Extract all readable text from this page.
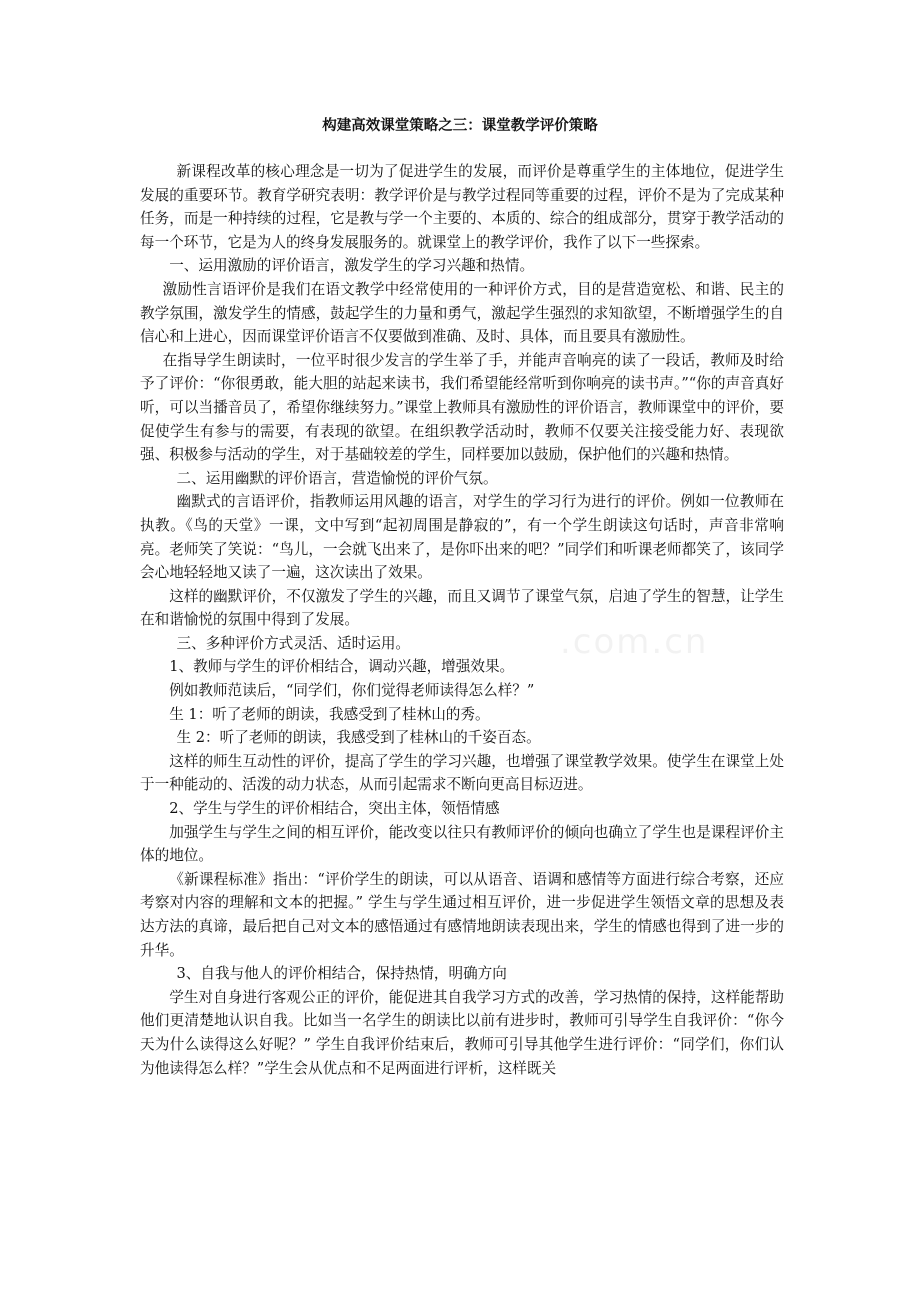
构建高效课堂策略之三：课堂教学评价策略
.com.cn

新课程改革的核心理念是一切为了促进学生的发展，而评价是尊重学生的主体地位，促进学生发展的重要环节。教育学研究表明：教学评价是与教学过程同等重要的过程，评价不是为了完成某种任务，而是一种持续的过程，它是教与学一个主要的、本质的、综合的组成部分，贯穿于教学活动的每一个环节，它是为人的终身发展服务的。就课堂上的教学评价，我作了以下一些探索。

一、运用激励的评价语言，激发学生的学习兴趣和热情。

激励性言语评价是我们在语文教学中经常使用的一种评价方式，目的是营造宽松、和谐、民主的教学氛围，激发学生的情感，鼓起学生的力量和勇气，激起学生强烈的求知欲望，不断增强学生的自信心和上进心，因而课堂评价语言不仅要做到准确、及时、具体，而且要具有激励性。

在指导学生朗读时，一位平时很少发言的学生举了手，并能声音响亮的读了一段话，教师及时给予了评价：“你很勇敢，能大胆的站起来读书，我们希望能经常听到你响亮的读书声。”“你的声音真好听，可以当播音员了，希望你继续努力。”课堂上教师具有激励性的评价语言，教师课堂中的评价，要促使学生有参与的需要，有表现的欲望。在组织教学活动时，教师不仅要关注接受能力好、表现欲强、积极参与活动的学生，对于基础较差的学生，同样要加以鼓励，保护他们的兴趣和热情。

二、运用幽默的评价语言，营造愉悦的评价气氛。

幽默式的言语评价，指教师运用风趣的语言，对学生的学习行为进行的评价。例如一位教师在执教。《鸟的天堂》一课，文中写到“起初周围是静寂的”，有一个学生朗读这句话时，声音非常响亮。老师笑了笑说：“鸟儿，一会就飞出来了，是你吓出来的吧？”同学们和听课老师都笑了，该同学会心地轻轻地又读了一遍，这次读出了效果。

这样的幽默评价，不仅激发了学生的兴趣，而且又调节了课堂气氛，启迪了学生的智慧，让学生在和谐愉悦的氛围中得到了发展。

三、多种评价方式灵活、适时运用。

1、教师与学生的评价相结合，调动兴趣，增强效果。

例如教师范读后，“同学们，你们觉得老师读得怎么样？”

生 1：听了老师的朗读，我感受到了桂林山的秀。

生 2：听了老师的朗读，我感受到了桂林山的千姿百态。

这样的师生互动性的评价，提高了学生的学习兴趣，也增强了课堂教学效果。使学生在课堂上处于一种能动的、活泼的动力状态，从而引起需求不断向更高目标迈进。

2、学生与学生的评价相结合，突出主体，领悟情感

加强学生与学生之间的相互评价，能改变以往只有教师评价的倾向也确立了学生也是课程评价主体的地位。

《新课程标准》指出：“评价学生的朗读，可以从语音、语调和感情等方面进行综合考察，还应考察对内容的理解和文本的把握。” 学生与学生通过相互评价，进一步促进学生领悟文章的思想及表达方法的真谛，最后把自己对文本的感悟通过有感情地朗读表现出来，学生的情感也得到了进一步的升华。

3、自我与他人的评价相结合，保持热情，明确方向

学生对自身进行客观公正的评价，能促进其自我学习方式的改善，学习热情的保持，这样能帮助他们更清楚地认识自我。比如当一名学生的朗读比以前有进步时，教师可引导学生自我评价：“你今天为什么读得这么好呢？” 学生自我评价结束后，教师可引导其他学生进行评价：“同学们，你们认为他读得怎么样？”学生会从优点和不足两面进行评析，这样既关
